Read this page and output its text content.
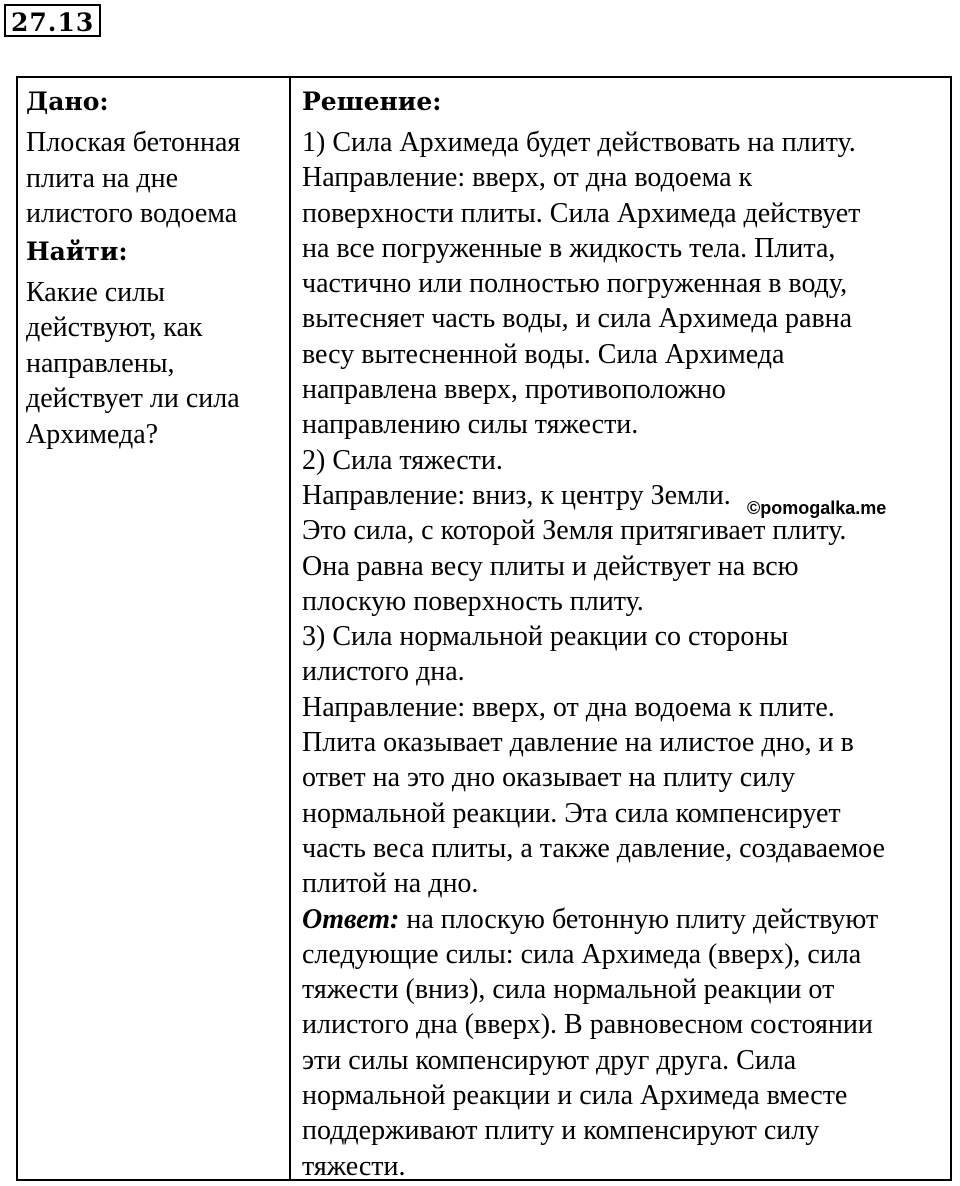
27.13
Дано:
Плоская бетонная
плита на дне
илистого водоема
Найти:
Какие силы
действуют, как
направлены,
действует ли сила
Архимеда?
Решение:
1) Сила Архимеда будет действовать на плиту.
Направление: вверх, от дна водоема к
поверхности плиты. Сила Архимеда действует
на все погруженные в жидкость тела. Плита,
частично или полностью погруженная в воду,
вытесняет часть воды, и сила Архимеда равна
весу вытесненной воды. Сила Архимеда
направлена вверх, противоположно
направлению силы тяжести.
2) Сила тяжести.
Направление: вниз, к центру Земли.
Это сила, с которой Земля притягивает плиту.
Она равна весу плиты и действует на всю
плоскую поверхность плиту.
3) Сила нормальной реакции со стороны
илистого дна.
Направление: вверх, от дна водоема к плите.
Плита оказывает давление на илистое дно, и в
ответ на это дно оказывает на плиту силу
нормальной реакции. Эта сила компенсирует
часть веса плиты, а также давление, создаваемое
плитой на дно.
Ответ: на плоскую бетонную плиту действуют
следующие силы: сила Архимеда (вверх), сила
тяжести (вниз), сила нормальной реакции от
илистого дна (вверх). В равновесном состоянии
эти силы компенсируют друг друга. Сила
нормальной реакции и сила Архимеда вместе
поддерживают плиту и компенсируют силу
тяжести.
©pomogalka.me
